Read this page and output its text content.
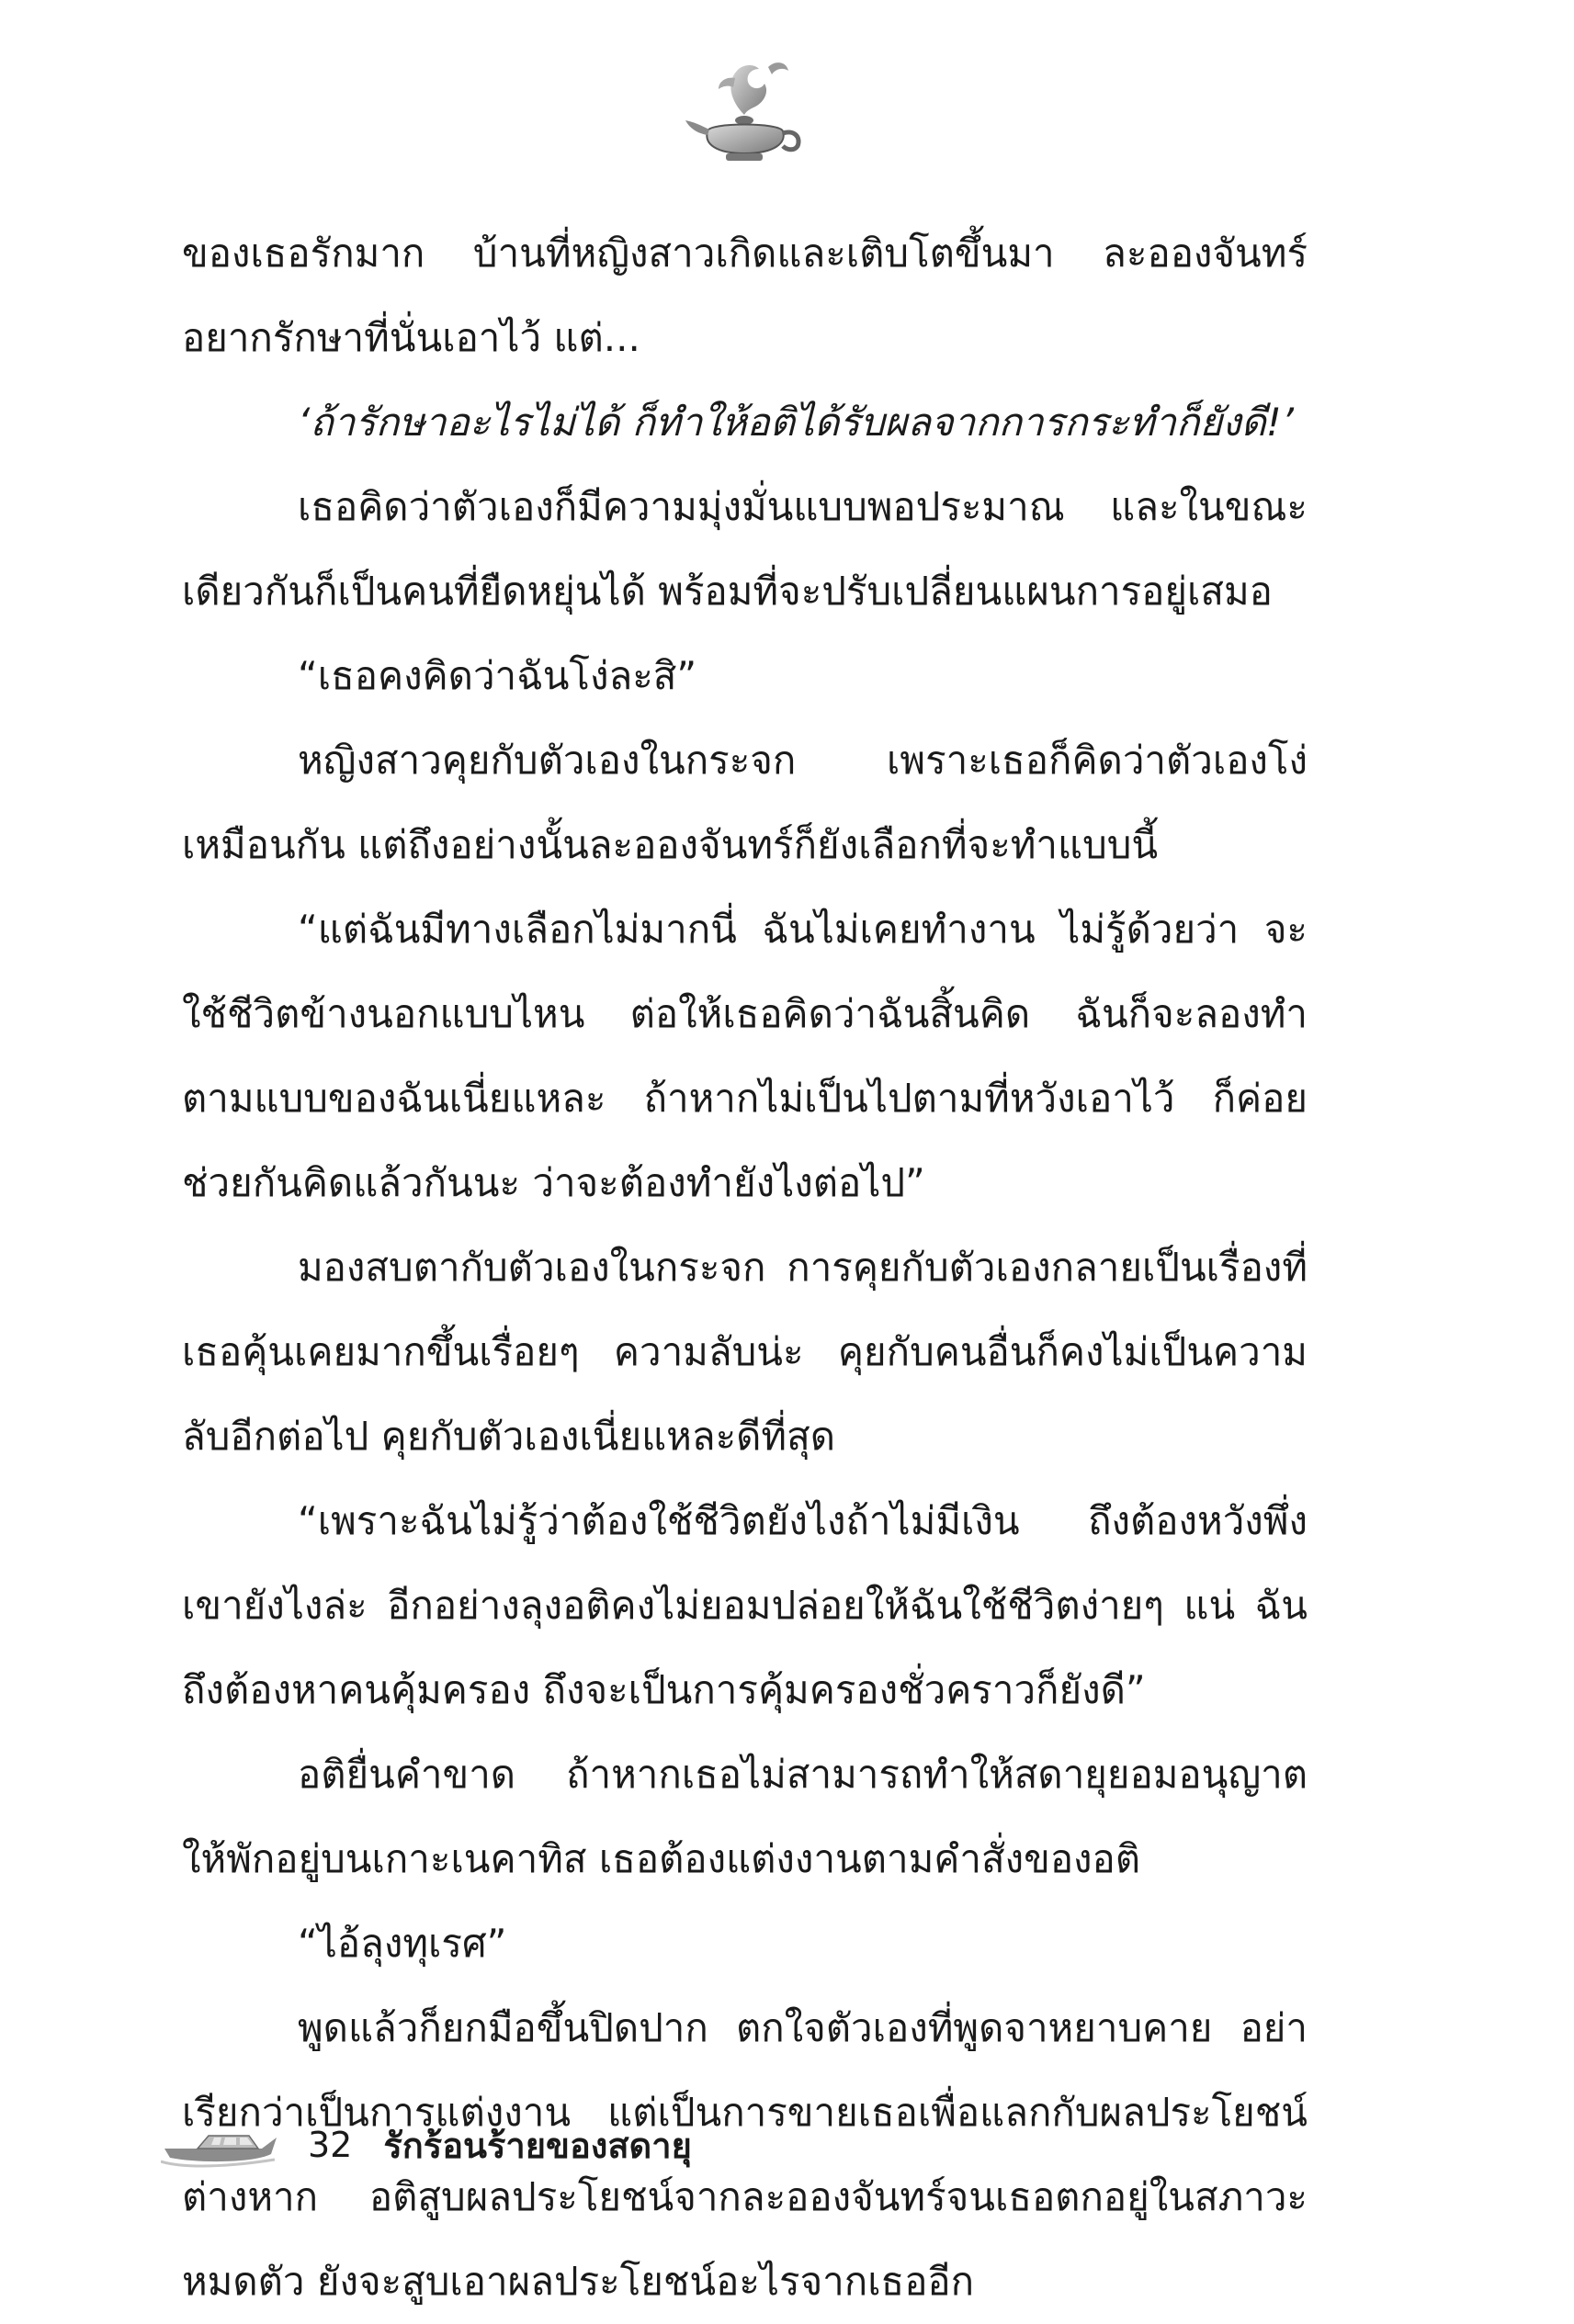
ของเธอรักมาก บ้านที่หญิงสาวเกิดและเติบโตขึ้นมา ละอองจันทร์อยากรักษาที่นั่นเอาไว้ แต่...

‘ถ้ารักษาอะไรไม่ได้ ก็ทำให้อติได้รับผลจากการกระทำก็ยังดี!’

เธอคิดว่าตัวเองก็มีความมุ่งมั่นแบบพอประมาณ และในขณะเดียวกันก็เป็นคนที่ยืดหยุ่นได้ พร้อมที่จะปรับเปลี่ยนแผนการอยู่เสมอ

“เธอคงคิดว่าฉันโง่ละสิ”

หญิงสาวคุยกับตัวเองในกระจก เพราะเธอก็คิดว่าตัวเองโง่เหมือนกัน แต่ถึงอย่างนั้นละอองจันทร์ก็ยังเลือกที่จะทำแบบนี้

“แต่ฉันมีทางเลือกไม่มากนี่ ฉันไม่เคยทำงาน ไม่รู้ด้วยว่า จะใช้ชีวิตข้างนอกแบบไหน ต่อให้เธอคิดว่าฉันสิ้นคิด ฉันก็จะลองทำตามแบบของฉันเนี่ยแหละ ถ้าหากไม่เป็นไปตามที่หวังเอาไว้ ก็ค่อยช่วยกันคิดแล้วกันนะ ว่าจะต้องทำยังไงต่อไป”

มองสบตากับตัวเองในกระจก การคุยกับตัวเองกลายเป็นเรื่องที่เธอคุ้นเคยมากขึ้นเรื่อยๆ ความลับน่ะ คุยกับคนอื่นก็คงไม่เป็นความลับอีกต่อไป คุยกับตัวเองเนี่ยแหละดีที่สุด

“เพราะฉันไม่รู้ว่าต้องใช้ชีวิตยังไงถ้าไม่มีเงิน ถึงต้องหวังพึ่งเขายังไงล่ะ อีกอย่างลุงอติคงไม่ยอมปล่อยให้ฉันใช้ชีวิตง่ายๆ แน่ ฉันถึงต้องหาคนคุ้มครอง ถึงจะเป็นการคุ้มครองชั่วคราวก็ยังดี”

อติยื่นคำขาด ถ้าหากเธอไม่สามารถทำให้สดายุยอมอนุญาตให้พักอยู่บนเกาะเนคาทิส เธอต้องแต่งงานตามคำสั่งของอติ

“ไอ้ลุงทุเรศ”

พูดแล้วก็ยกมือขึ้นปิดปาก ตกใจตัวเองที่พูดจาหยาบคาย อย่าเรียกว่าเป็นการแต่งงาน แต่เป็นการขายเธอเพื่อแลกกับผลประโยชน์ต่างหาก อติสูบผลประโยชน์จากละอองจันทร์จนเธอตกอยู่ในสภาวะหมดตัว ยังจะสูบเอาผลประโยชน์อะไรจากเธออีก

32 รักร้อนร้ายของสดายุ
